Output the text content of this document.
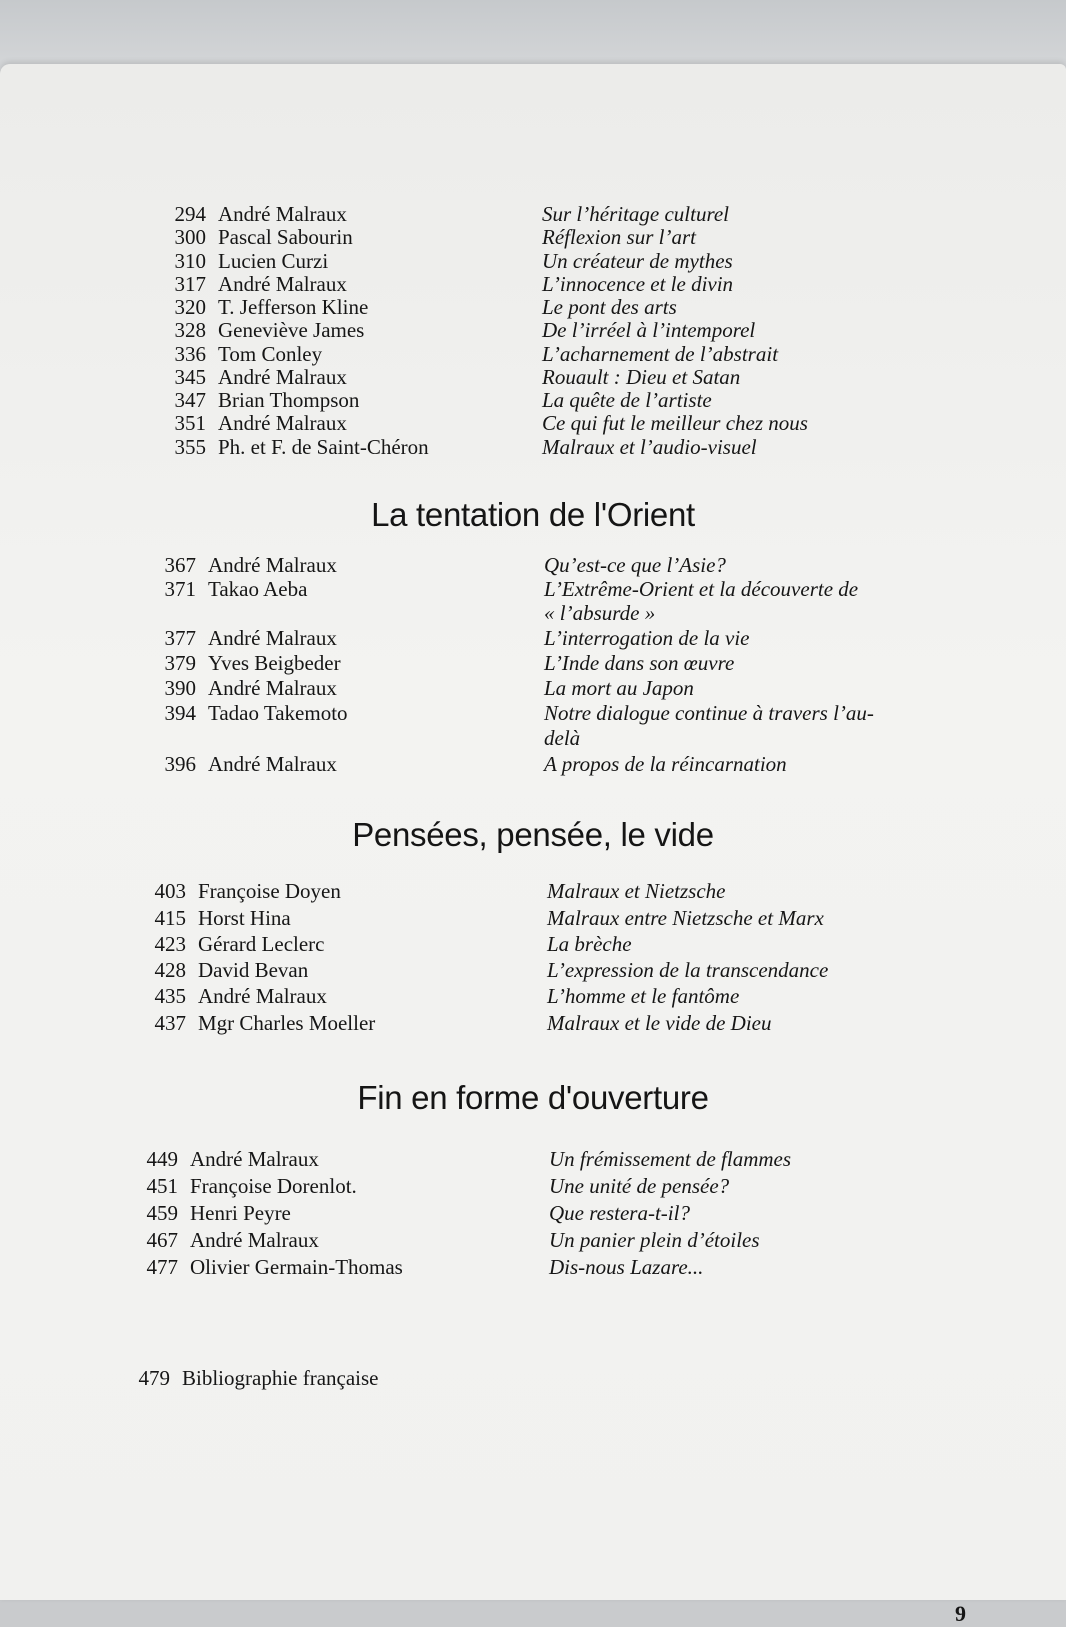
294 André Malraux	Sur l’héritage culturel
300 Pascal Sabourin	Réflexion sur l’art
310 Lucien Curzi	Un créateur de mythes
317 André Malraux	L’innocence et le divin
320 T. Jefferson Kline	Le pont des arts
328 Geneviève James	De l’irréel à l’intemporel
336 Tom Conley	L’acharnement de l’abstrait
345 André Malraux	Rouault : Dieu et Satan
347 Brian Thompson	La quête de l’artiste
351 André Malraux	Ce qui fut le meilleur chez nous
355 Ph. et F. de Saint-Chéron	Malraux et l’audio-visuel
La tentation de l'Orient
367 André Malraux	Qu’est-ce que l’Asie?
371 Takao Aeba	L’Extrême-Orient et la découverte de
« l’absurde »
377 André Malraux	L’interrogation de la vie
379 Yves Beigbeder	L’Inde dans son œuvre
390 André Malraux	La mort au Japon
394 Tadao Takemoto	Notre dialogue continue à travers l’au-
delà
396 André Malraux	A propos de la réincarnation
Pensées, pensée, le vide
403 Françoise Doyen	Malraux et Nietzsche
415 Horst Hina	Malraux entre Nietzsche et Marx
423 Gérard Leclerc	La brèche
428 David Bevan	L’expression de la transcendance
435 André Malraux	L’homme et le fantôme
437 Mgr Charles Moeller	Malraux et le vide de Dieu
Fin en forme d'ouverture
449 André Malraux	Un frémissement de flammes
451 Françoise Dorenlot.	Une unité de pensée?
459 Henri Peyre	Que restera-t-il?
467 André Malraux	Un panier plein d’étoiles
477 Olivier Germain-Thomas	Dis-nous Lazare...
479 Bibliographie française
9
